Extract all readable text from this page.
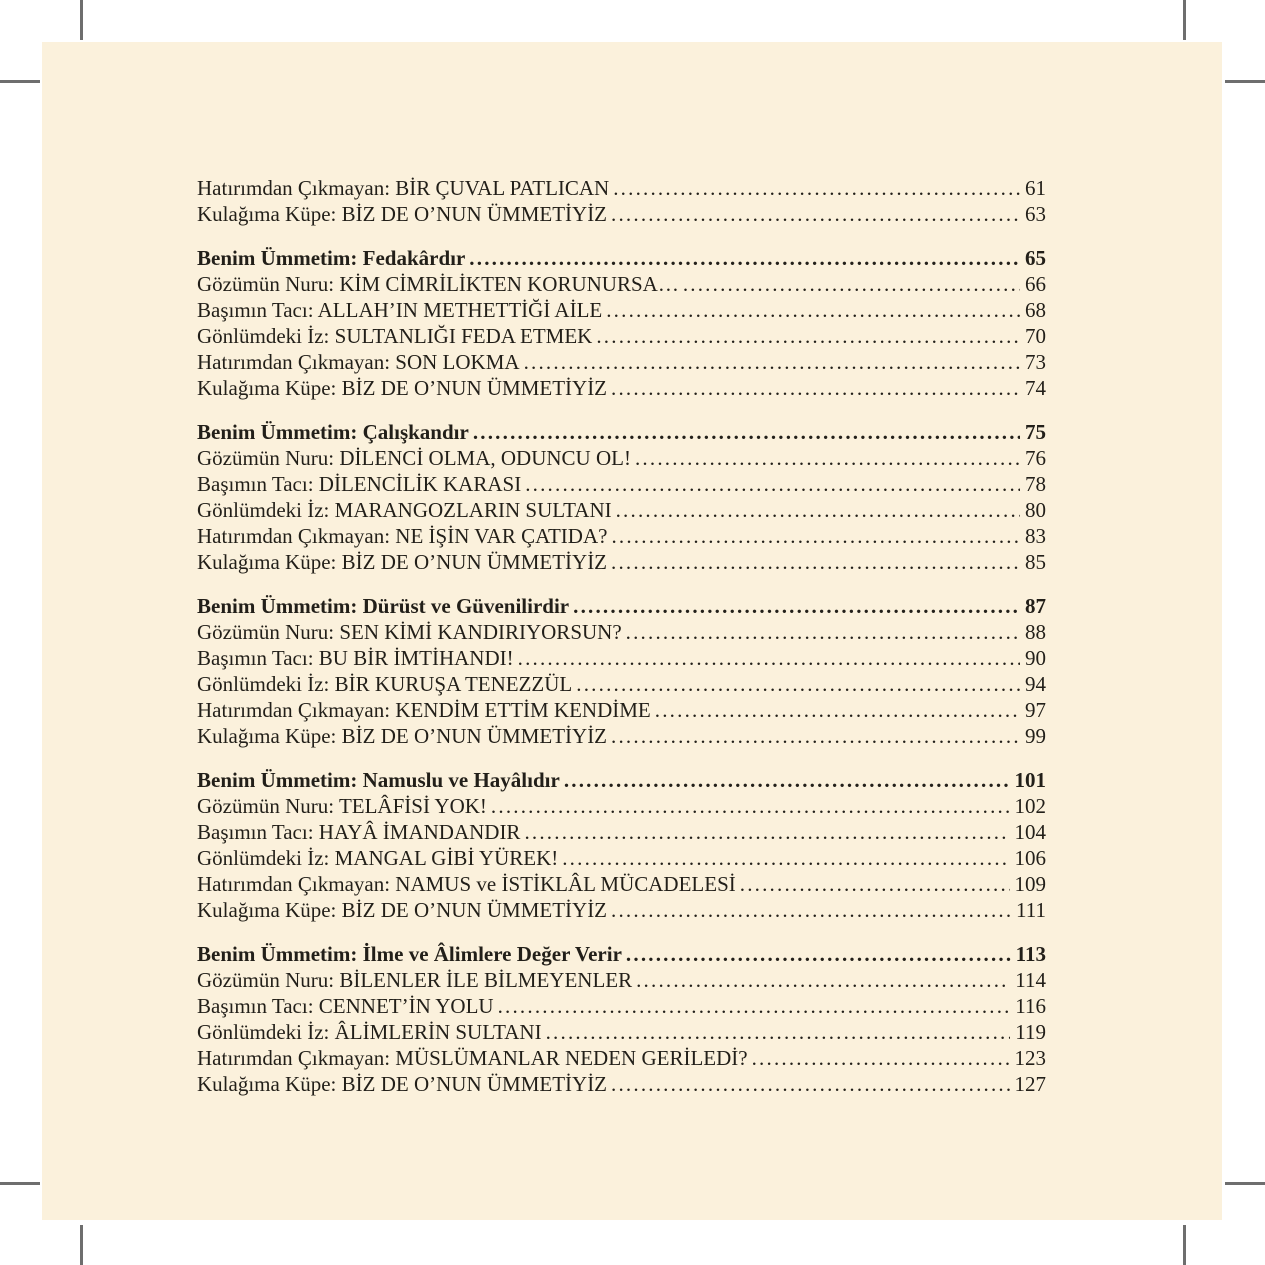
Hatırımdan Çıkmayan: BİR ÇUVAL PATLICAN .....	61
Kulağıma Küpe: BİZ DE O’NUN ÜMMETİYİZ .....	63
Benim Ümmetim: Fedakârdır .....	65
Gözümün Nuru: KİM CİMRİLİKTEN KORUNURSA… .....	66
Başımın Tacı: ALLAH’IN METHETTİĞİ AİLE .....	68
Gönlümdeki İz: SULTANLIĞI FEDA ETMEK .....	70
Hatırımdan Çıkmayan: SON LOKMA .....	73
Kulağıma Küpe: BİZ DE O’NUN ÜMMETİYİZ .....	74
Benim Ümmetim: Çalışkandır .....	75
Gözümün Nuru: DİLENCİ OLMA, ODUNCU OL! .....	76
Başımın Tacı: DİLENCİLİK KARASI .....	78
Gönlümdeki İz: MARANGOZLARIN SULTANI .....	80
Hatırımdan Çıkmayan: NE İŞİN VAR ÇATIDA? .....	83
Kulağıma Küpe: BİZ DE O’NUN ÜMMETİYİZ .....	85
Benim Ümmetim: Dürüst ve Güvenilirdir .....	87
Gözümün Nuru: SEN KİMİ KANDIRIYORSUN? .....	88
Başımın Tacı: BU BİR İMTİHANDI! .....	90
Gönlümdeki İz: BİR KURUŞA TENEZZÜL .....	94
Hatırımdan Çıkmayan: KENDİM ETTİM KENDİME .....	97
Kulağıma Küpe: BİZ DE O’NUN ÜMMETİYİZ .....	99
Benim Ümmetim: Namuslu ve Hayâlıdır .....	101
Gözümün Nuru: TELÂFİSİ YOK! .....	102
Başımın Tacı: HAYÂ İMANDANDIR .....	104
Gönlümdeki İz: MANGAL GİBİ YÜREK! .....	106
Hatırımdan Çıkmayan: NAMUS ve İSTİKLÂL MÜCADELESİ .....	109
Kulağıma Küpe: BİZ DE O’NUN ÜMMETİYİZ .....	111
Benim Ümmetim: İlme ve Âlimlere Değer Verir .....	113
Gözümün Nuru: BİLENLER İLE BİLMEYENLER .....	114
Başımın Tacı: CENNET’İN YOLU .....	116
Gönlümdeki İz: ÂLİMLERİN SULTANI .....	119
Hatırımdan Çıkmayan: MÜSLÜMANLAR NEDEN GERİLEDİ? .....	123
Kulağıma Küpe: BİZ DE O’NUN ÜMMETİYİZ .....	127
